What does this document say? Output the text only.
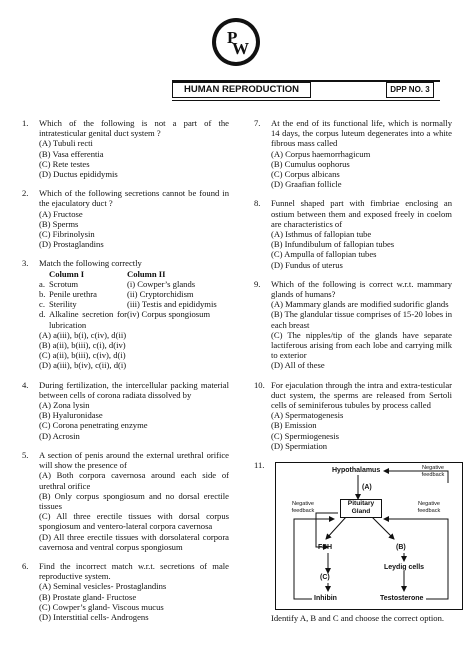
P
W
HUMAN REPRODUCTION	DPP NO. 3
1.	Which of the following is not a part of the intratesticular genital duct system ?
(A) Tubuli recti
(B) Vasa efferentia
(C) Rete testes
(D) Ductus epididymis
2.	Which of the following secretions cannot be found in the ejaculatory duct ?
(A) Fructose
(B) Sperms
(C) Fibrinolysin
(D) Prostaglandins
3.	Match the following correctly
	Column I	Column II
a.	Scrotum	(i) Cowper’s glands
b.	Penile urethra	(ii) Cryptorchidism
c.	Sterility	(iii) Testis and epididymis
d.	Alkaline secretion for lubrication	(iv) Corpus spongiosum
(A) a(iii), b(i), c(iv), d(ii)
(B) a(ii), b(iii), c(i), d(iv)
(C) a(ii), b(iii), c(iv), d(i)
(D) a(iii), b(iv), c(ii), d(i)
4.	During fertilization, the intercellular packing material between cells of corona radiata dissolved by
(A) Zona lysin
(B) Hyaluronidase
(C) Corona penetrating enzyme
(D) Acrosin
5.	A section of penis around the external urethral orifice will show the presence of
(A) Both corpora cavernosa around each side of urethral orifice
(B) Only corpus spongiosum and no dorsal erectile tissues
(C) All three erectile tissues with dorsal corpus spongiosum and ventero-lateral corpora cavernosa
(D) All three erectile tissues with dorsolateral corpora cavernosa and ventral corpus spongiosum
6.	Find the incorrect match w.r.t. secretions of male reproductive system.
(A) Seminal vesicles- Prostaglandins
(B) Prostate gland- Fructose
(C) Cowper’s gland- Viscous mucus
(D) Interstitial cells- Androgens
7.	At the end of its functional life, which is normally 14 days, the corpus luteum degenerates into a white fibrous mass called
(A) Corpus haemorrhagicum
(B) Cumulus oophorus
(C) Corpus albicans
(D) Graafian follicle
8.	Funnel shaped part with fimbriae enclosing an ostium between them and exposed freely in coelom are characteristics of
(A) Isthmus of fallopian tube
(B) Infundibulum of fallopian tubes
(C) Ampulla of fallopian tubes
(D) Fundus of uterus
9.	Which of the following is correct w.r.t. mammary glands of humans?
(A) Mammary glands are modified sudorific glands
(B) The glandular tissue comprises of 15-20 lobes in each breast
(C) The nipples/tip of the glands have separate lactiferous arising from each lobe and carrying milk to exterior
(D) All of these
10. For ejaculation through the intra and extra-testicular duct system, the sperms are released from Sertoli cells of seminiferous tubules by process called
(A) Spermatogenesis
(B) Emission
(C) Spermiogenesis
(D) Spermiation
11.
Hypothalamus
(A)
Pituitary Gland
Negative feedback
Negative feedback
Negative feedback
FSH	(B)
(C)
Leydig cells
Inhibin	Testosterone
Identify A, B and C and choose the correct option.
